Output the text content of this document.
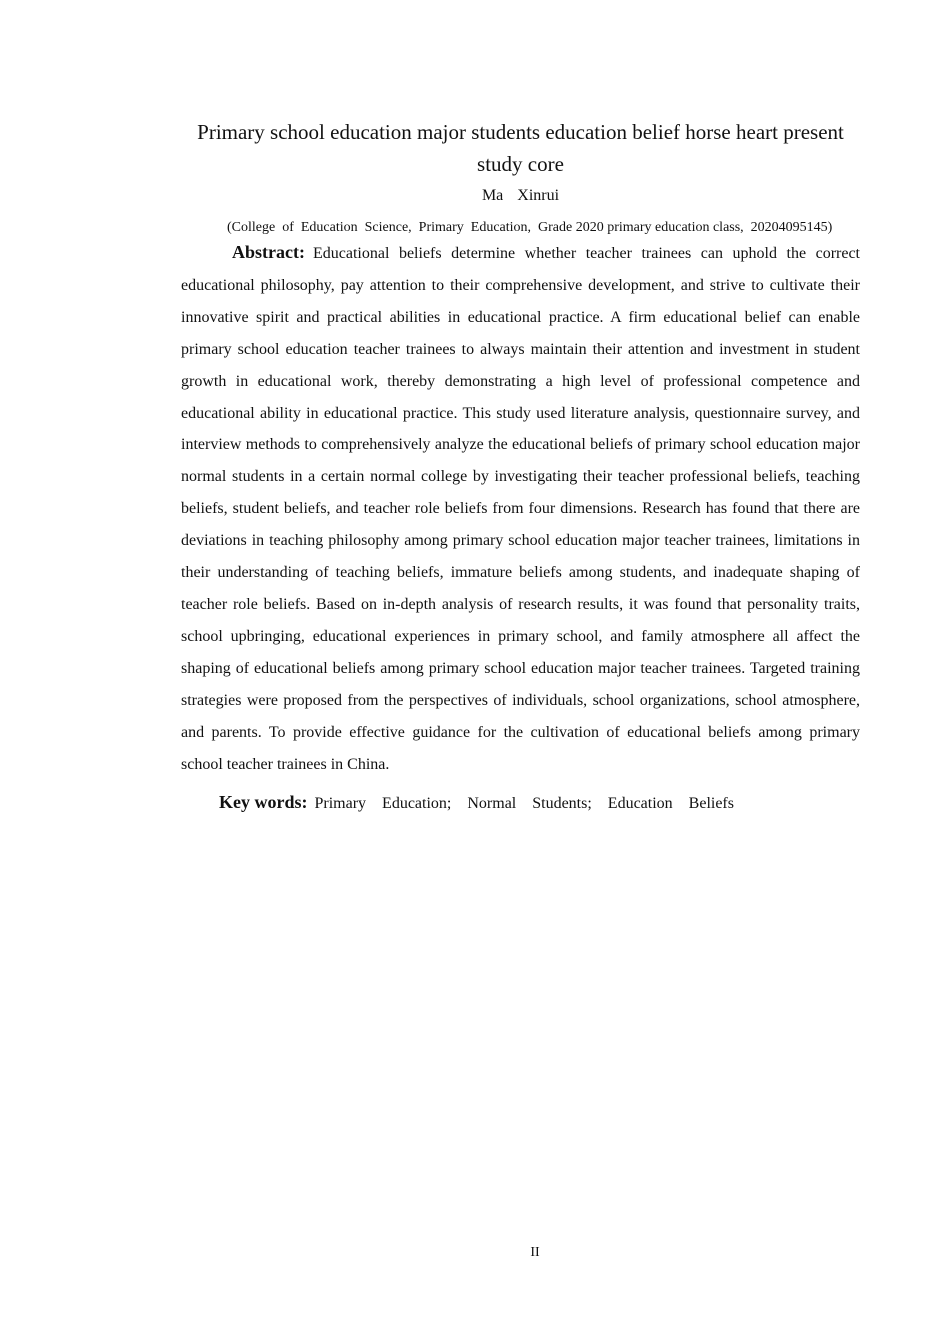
Primary school education major students education belief horse heart present study core
Ma  Xinrui
(College  of  Education  Science,  Primary  Education,  Grade 2020 primary education class,  20204095145)

Abstract: Educational beliefs determine whether teacher trainees can uphold the correct educational philosophy, pay attention to their comprehensive development, and strive to cultivate their innovative spirit and practical abilities in educational practice. A firm educational belief can enable primary school education teacher trainees to always maintain their attention and investment in student growth in educational work, thereby demonstrating a high level of professional competence and educational ability in educational practice. This study used literature analysis, questionnaire survey, and interview methods to comprehensively analyze the educational beliefs of primary school education major normal students in a certain normal college by investigating their teacher professional beliefs, teaching beliefs, student beliefs, and teacher role beliefs from four dimensions. Research has found that there are deviations in teaching philosophy among primary school education major teacher trainees, limitations in their understanding of teaching beliefs, immature beliefs among students, and inadequate shaping of teacher role beliefs. Based on in-depth analysis of research results, it was found that personality traits, school upbringing, educational experiences in primary school, and family atmosphere all affect the shaping of educational beliefs among primary school education major teacher trainees. Targeted training strategies were proposed from the perspectives of individuals, school organizations, school atmosphere, and parents. To provide effective guidance for the cultivation of educational beliefs among primary school teacher trainees in China.

Key words: Primary  Education;  Normal  Students;  Education  Beliefs
II
